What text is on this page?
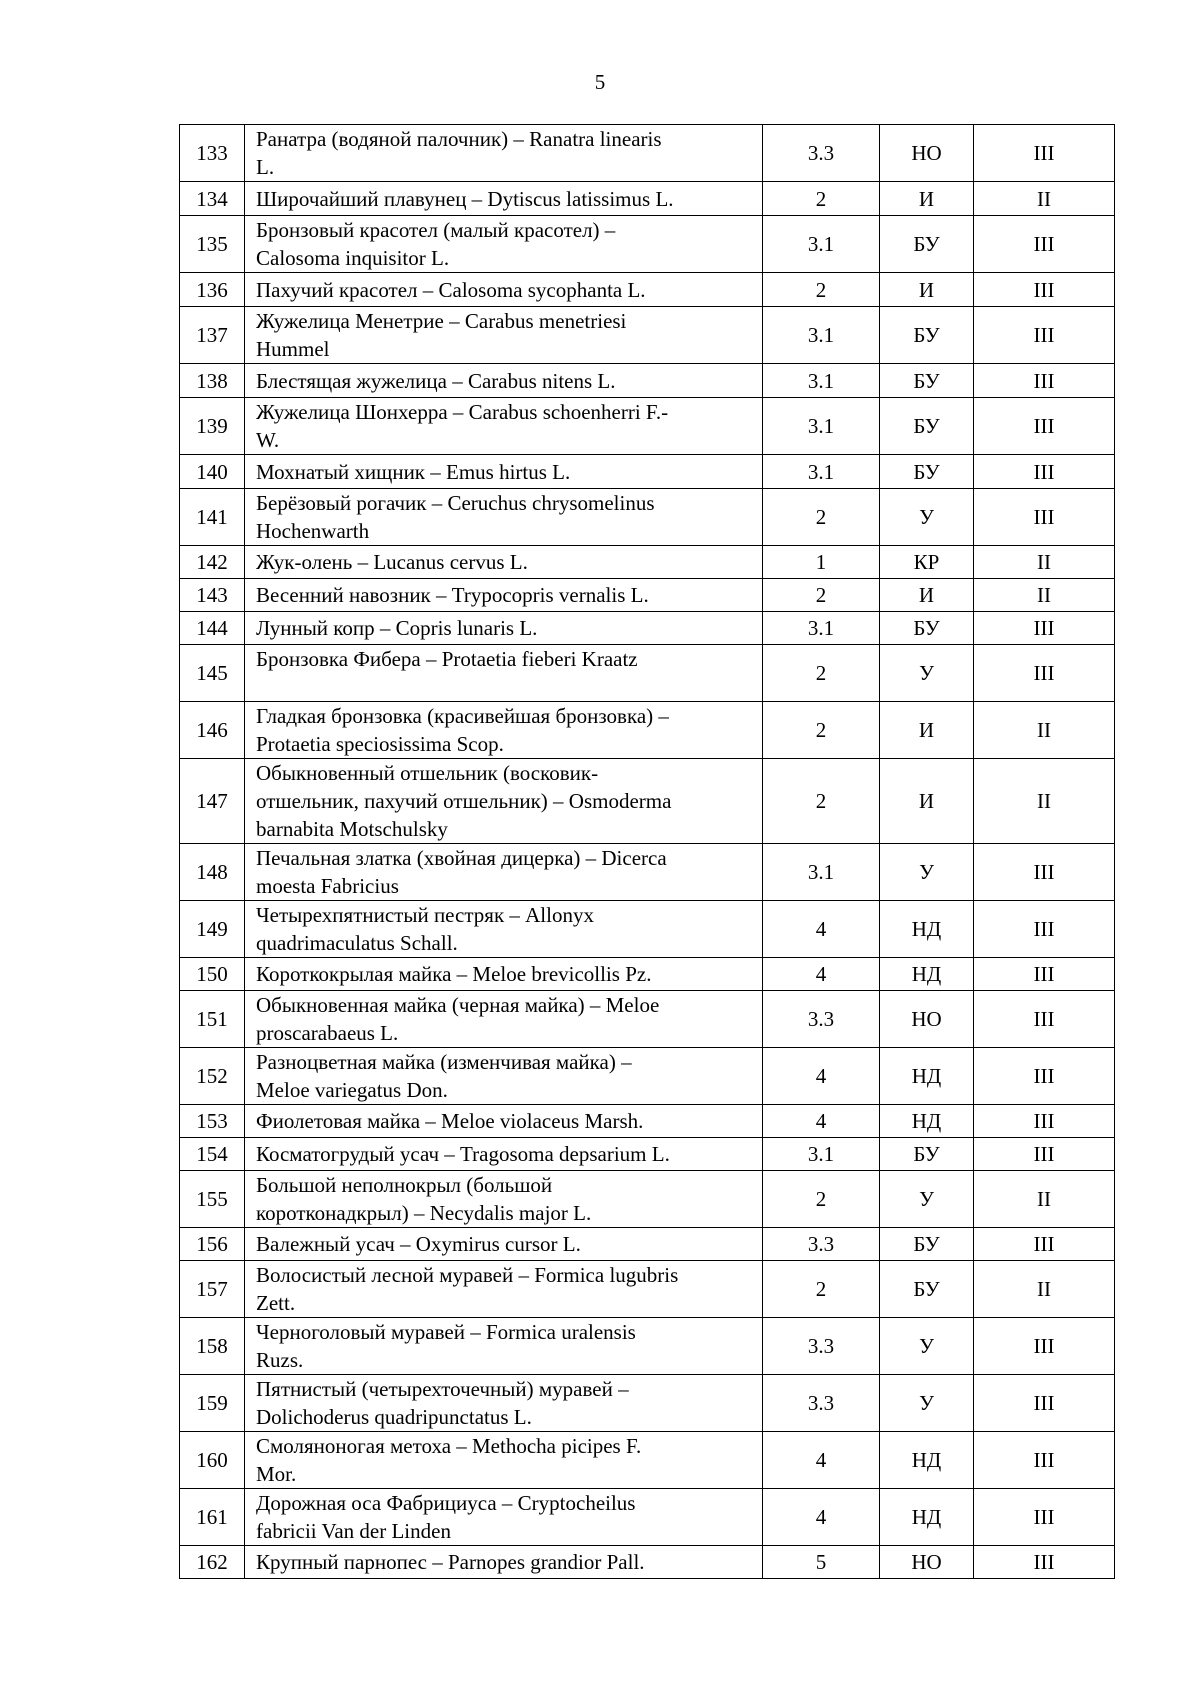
5
133	Ранатра (водяной палочник) – Ranatra linearis
L.	3.3	НО	III
134	Широчайший плавунец – Dytiscus latissimus L.	2	И	II
135	Бронзовый красотел (малый красотел) –
Calosoma inquisitor L.	3.1	БУ	III
136	Пахучий красотел – Calosoma sycophanta L.	2	И	III
137	Жужелица Менетрие – Carabus menetriesi
Hummel	3.1	БУ	III
138	Блестящая жужелица – Carabus nitens L.	3.1	БУ	III
139	Жужелица Шонхерра – Carabus schoenherri F.-
W.	3.1	БУ	III
140	Мохнатый хищник – Emus hirtus L.	3.1	БУ	III
141	Берёзовый рогачик – Ceruchus chrysomelinus
Hochenwarth	2	У	III
142	Жук-олень – Lucanus cervus L.	1	КР	II
143	Весенний навозник – Trypocopris vernalis L.	2	И	II
144	Лунный копр – Copris lunaris L.	3.1	БУ	III
145	Бронзовка Фибера – Protaetia fieberi Kraatz	2	У	III
146	Гладкая бронзовка (красивейшая бронзовка) –
Protaetia speciosissima Scop.	2	И	II
147	Обыкновенный отшельник (восковик-
отшельник, пахучий отшельник) – Osmoderma
barnabita Motschulsky	2	И	II
148	Печальная златка (хвойная дицерка) – Dicerca
moesta Fabricius	3.1	У	III
149	Четырехпятнистый пестряк – Allonyx
quadrimaculatus Schall.	4	НД	III
150	Короткокрылая майка – Meloe brevicollis Pz.	4	НД	III
151	Обыкновенная майка (черная майка) – Meloe
proscarabaeus L.	3.3	НО	III
152	Разноцветная майка (изменчивая майка) –
Meloe variegatus Don.	4	НД	III
153	Фиолетовая майка – Meloe violaceus Marsh.	4	НД	III
154	Косматогрудый усач – Tragosoma depsarium L.	3.1	БУ	III
155	Большой неполнокрыл (большой
коротконадкрыл) – Necydalis major L.	2	У	II
156	Валежный усач – Oxymirus cursor L.	3.3	БУ	III
157	Волосистый лесной муравей – Formica lugubris
Zett.	2	БУ	II
158	Черноголовый муравей – Formica uralensis
Ruzs.	3.3	У	III
159	Пятнистый (четырехточечный) муравей –
Dolichoderus quadripunctatus L.	3.3	У	III
160	Смоляноногая метоха – Methocha picipes F.
Mor.	4	НД	III
161	Дорожная оса Фабрициуса – Cryptocheilus
fabricii Van der Linden	4	НД	III
162	Крупный парнопес – Parnopes grandior Pall.	5	НО	III
